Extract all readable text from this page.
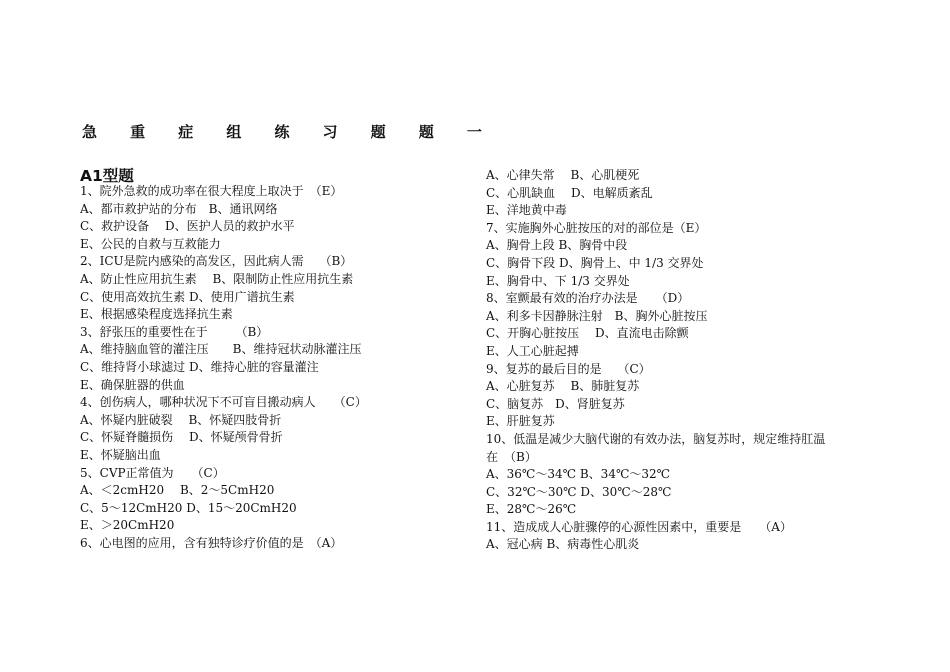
急 重 症 组 练 习 题 题 一
A1型题
1、院外急救的成功率在很大程度上取决于　（E）
A、都市救护站的分布　B、通讯网络
C、救护设备　 D、医护人员的救护水平
E、公民的自救与互救能力
2、ICU是院内感染的高发区，因此病人需　 （B）
A、防止性应用抗生素　 B、限制防止性应用抗生素
C、使用高效抗生素 D、使用广谱抗生素
E、根据感染程度选择抗生素
3、舒张压的重要性在于　　 （B）
A、维持脑血管的灌注压　　B、维持冠状动脉灌注压
C、维持肾小球滤过 D、维持心脏的容量灌注
E、确保脏器的供血
4、创伤病人，哪种状况下不可盲目搬动病人　　（C）
A、怀疑内脏破裂　 B、怀疑四肢骨折
C、怀疑脊髓损伤　 D、怀疑颅骨骨折
E、怀疑脑出血
5、CVP正常值为　　（C）
A、＜2cmH20　 B、2～5CmH20
C、5～12CmH20 D、15～20CmH20
E、＞20CmH20
6、心电图的应用，含有独特诊疗价值的是　（A）
A、心律失常　 B、心肌梗死
C、心肌缺血　 D、电解质紊乱
E、洋地黄中毒
7、实施胸外心脏按压的对的部位是（E）
A、胸骨上段 B、胸骨中段
C、胸骨下段 D、胸骨上、中 1/3 交界处
E、胸骨中、下 1/3 交界处
8、室颤最有效的治疗办法是　　（D）
A、利多卡因静脉注射　B、胸外心脏按压
C、开胸心脏按压　 D、直流电击除颤
E、人工心脏起搏
9、复苏的最后目的是　 （C）
A、心脏复苏　 B、肺脏复苏
C、脑复苏　D、肾脏复苏
E、肝脏复苏
10、低温是减少大脑代谢的有效办法，脑复苏时，规定维持肛温
在　（B）
A、36℃～34℃ B、34℃～32℃
C、32℃～30℃ D、30℃～28℃
E、28℃～26℃
11、造成成人心脏骤停的心源性因素中，重要是　　（A）
A、冠心病 B、病毒性心肌炎
